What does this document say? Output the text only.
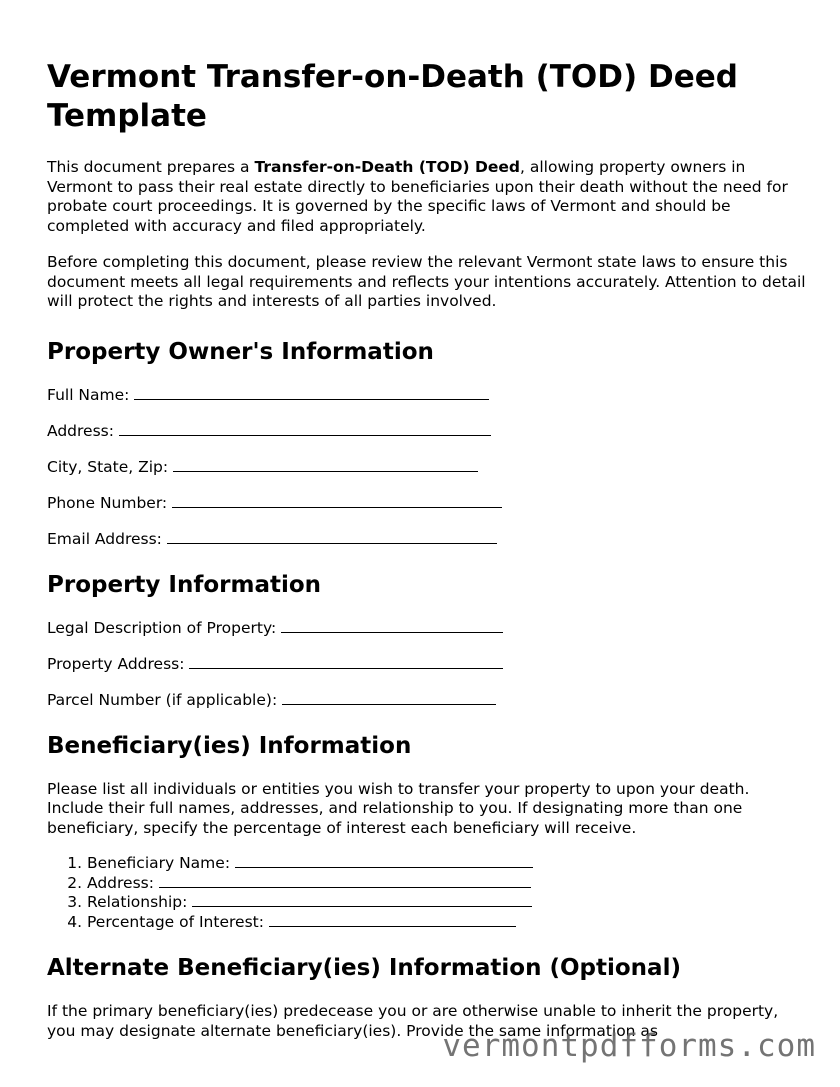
Vermont Transfer-on-Death (TOD) Deed Template

This document prepares a Transfer-on-Death (TOD) Deed, allowing property owners in Vermont to pass their real estate directly to beneficiaries upon their death without the need for probate court proceedings. It is governed by the specific laws of Vermont and should be completed with accuracy and filed appropriately.

Before completing this document, please review the relevant Vermont state laws to ensure this document meets all legal requirements and reflects your intentions accurately. Attention to detail will protect the rights and interests of all parties involved.

Property Owner's Information
Full Name:
Address:
City, State, Zip:
Phone Number:
Email Address:
Property Information
Legal Description of Property:
Property Address:
Parcel Number (if applicable):
Beneficiary(ies) Information

Please list all individuals or entities you wish to transfer your property to upon your death. Include their full names, addresses, and relationship to you. If designating more than one beneficiary, specify the percentage of interest each beneficiary will receive.

1. Beneficiary Name:
2. Address:
3. Relationship:
4. Percentage of Interest:
Alternate Beneficiary(ies) Information (Optional)

If the primary beneficiary(ies) predecease you or are otherwise unable to inherit the property, you may designate alternate beneficiary(ies). Provide the same information as

vermontpdfforms.com
